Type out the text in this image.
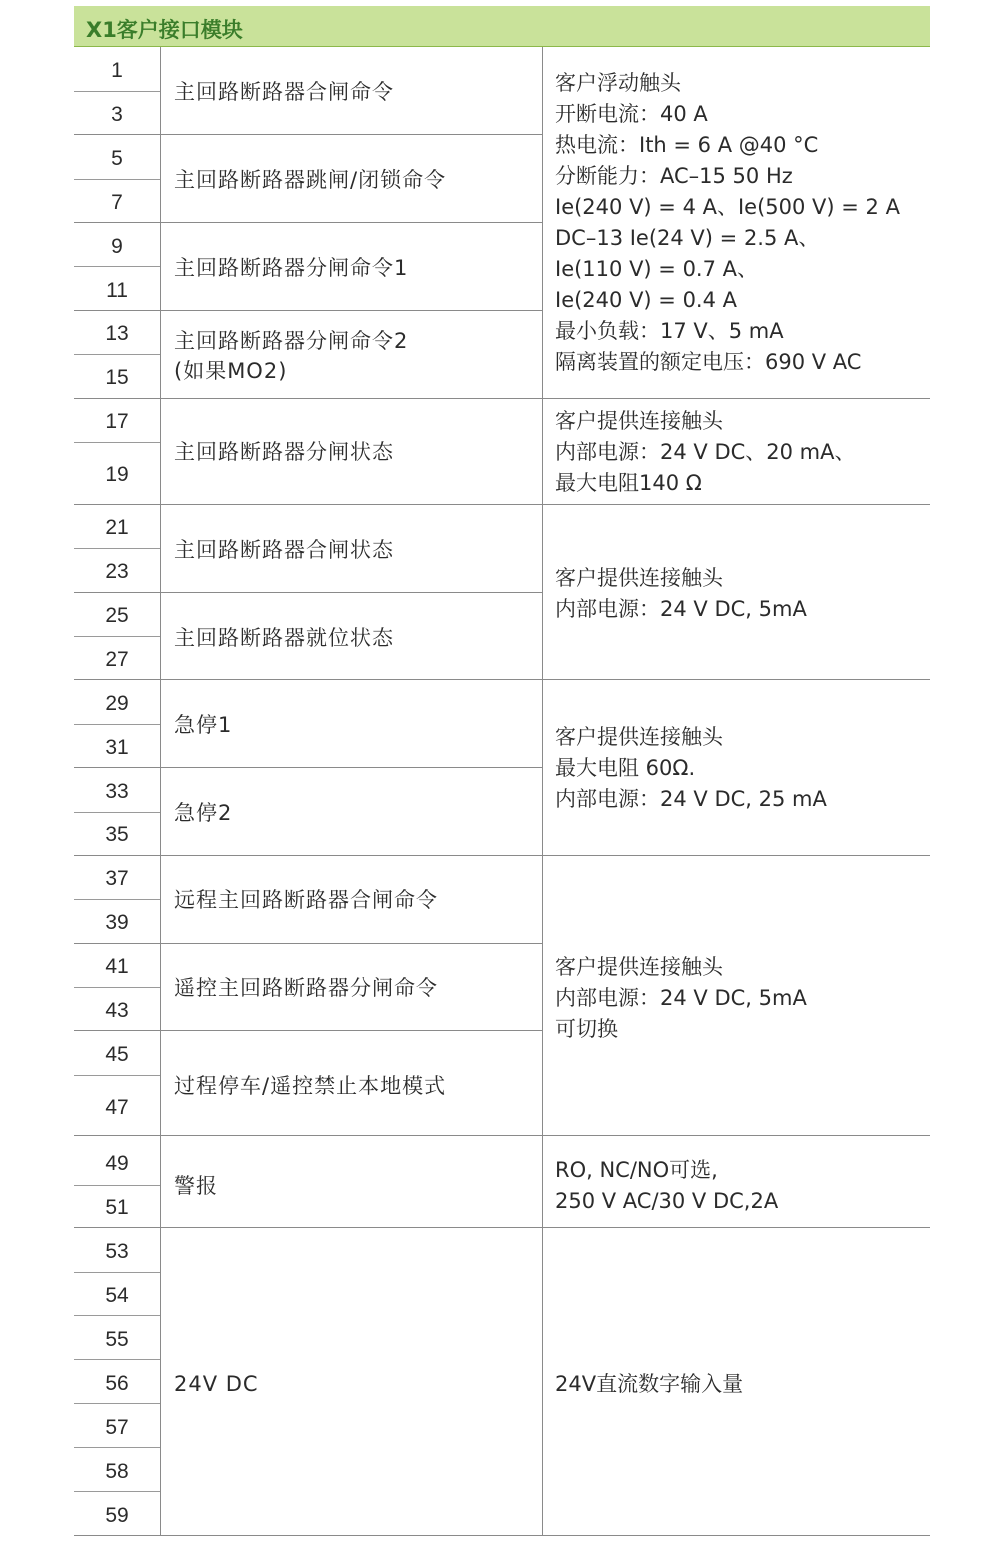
X1客户接口模块
1
3
5
7
9
11
13
15
17
19
21
23
25
27
29
31
33
35
37
39
41
43
45
47
49
51
53
54
55
56
57
58
59
主回路断路器合闸命令
主回路断路器跳闸/闭锁命令
主回路断路器分闸命令1
主回路断路器分闸命令2
(如果MO2)
主回路断路器分闸状态
主回路断路器合闸状态
主回路断路器就位状态
急停1
急停2
远程主回路断路器合闸命令
遥控主回路断路器分闸命令
过程停车/遥控禁止本地模式
警报
24V DC
客户浮动触头
开断电流：40 A
热电流：Ith = 6 A @40 °C
分断能力：AC–15 50 Hz
Ie(240 V) = 4 A、Ie(500 V) = 2 A
DC–13 Ie(24 V) = 2.5 A、
Ie(110 V) = 0.7 A、
Ie(240 V) = 0.4 A
最小负载：17 V、5 mA
隔离装置的额定电压：690 V AC
客户提供连接触头
内部电源：24 V DC、20 mA、
最大电阻140 Ω
客户提供连接触头
内部电源：24 V DC, 5mA
客户提供连接触头
最大电阻 60Ω.
内部电源：24 V DC, 25 mA
客户提供连接触头
内部电源：24 V DC, 5mA
可切换
RO, NC/NO可选,
250 V AC/30 V DC,2A
24V直流数字输入量
